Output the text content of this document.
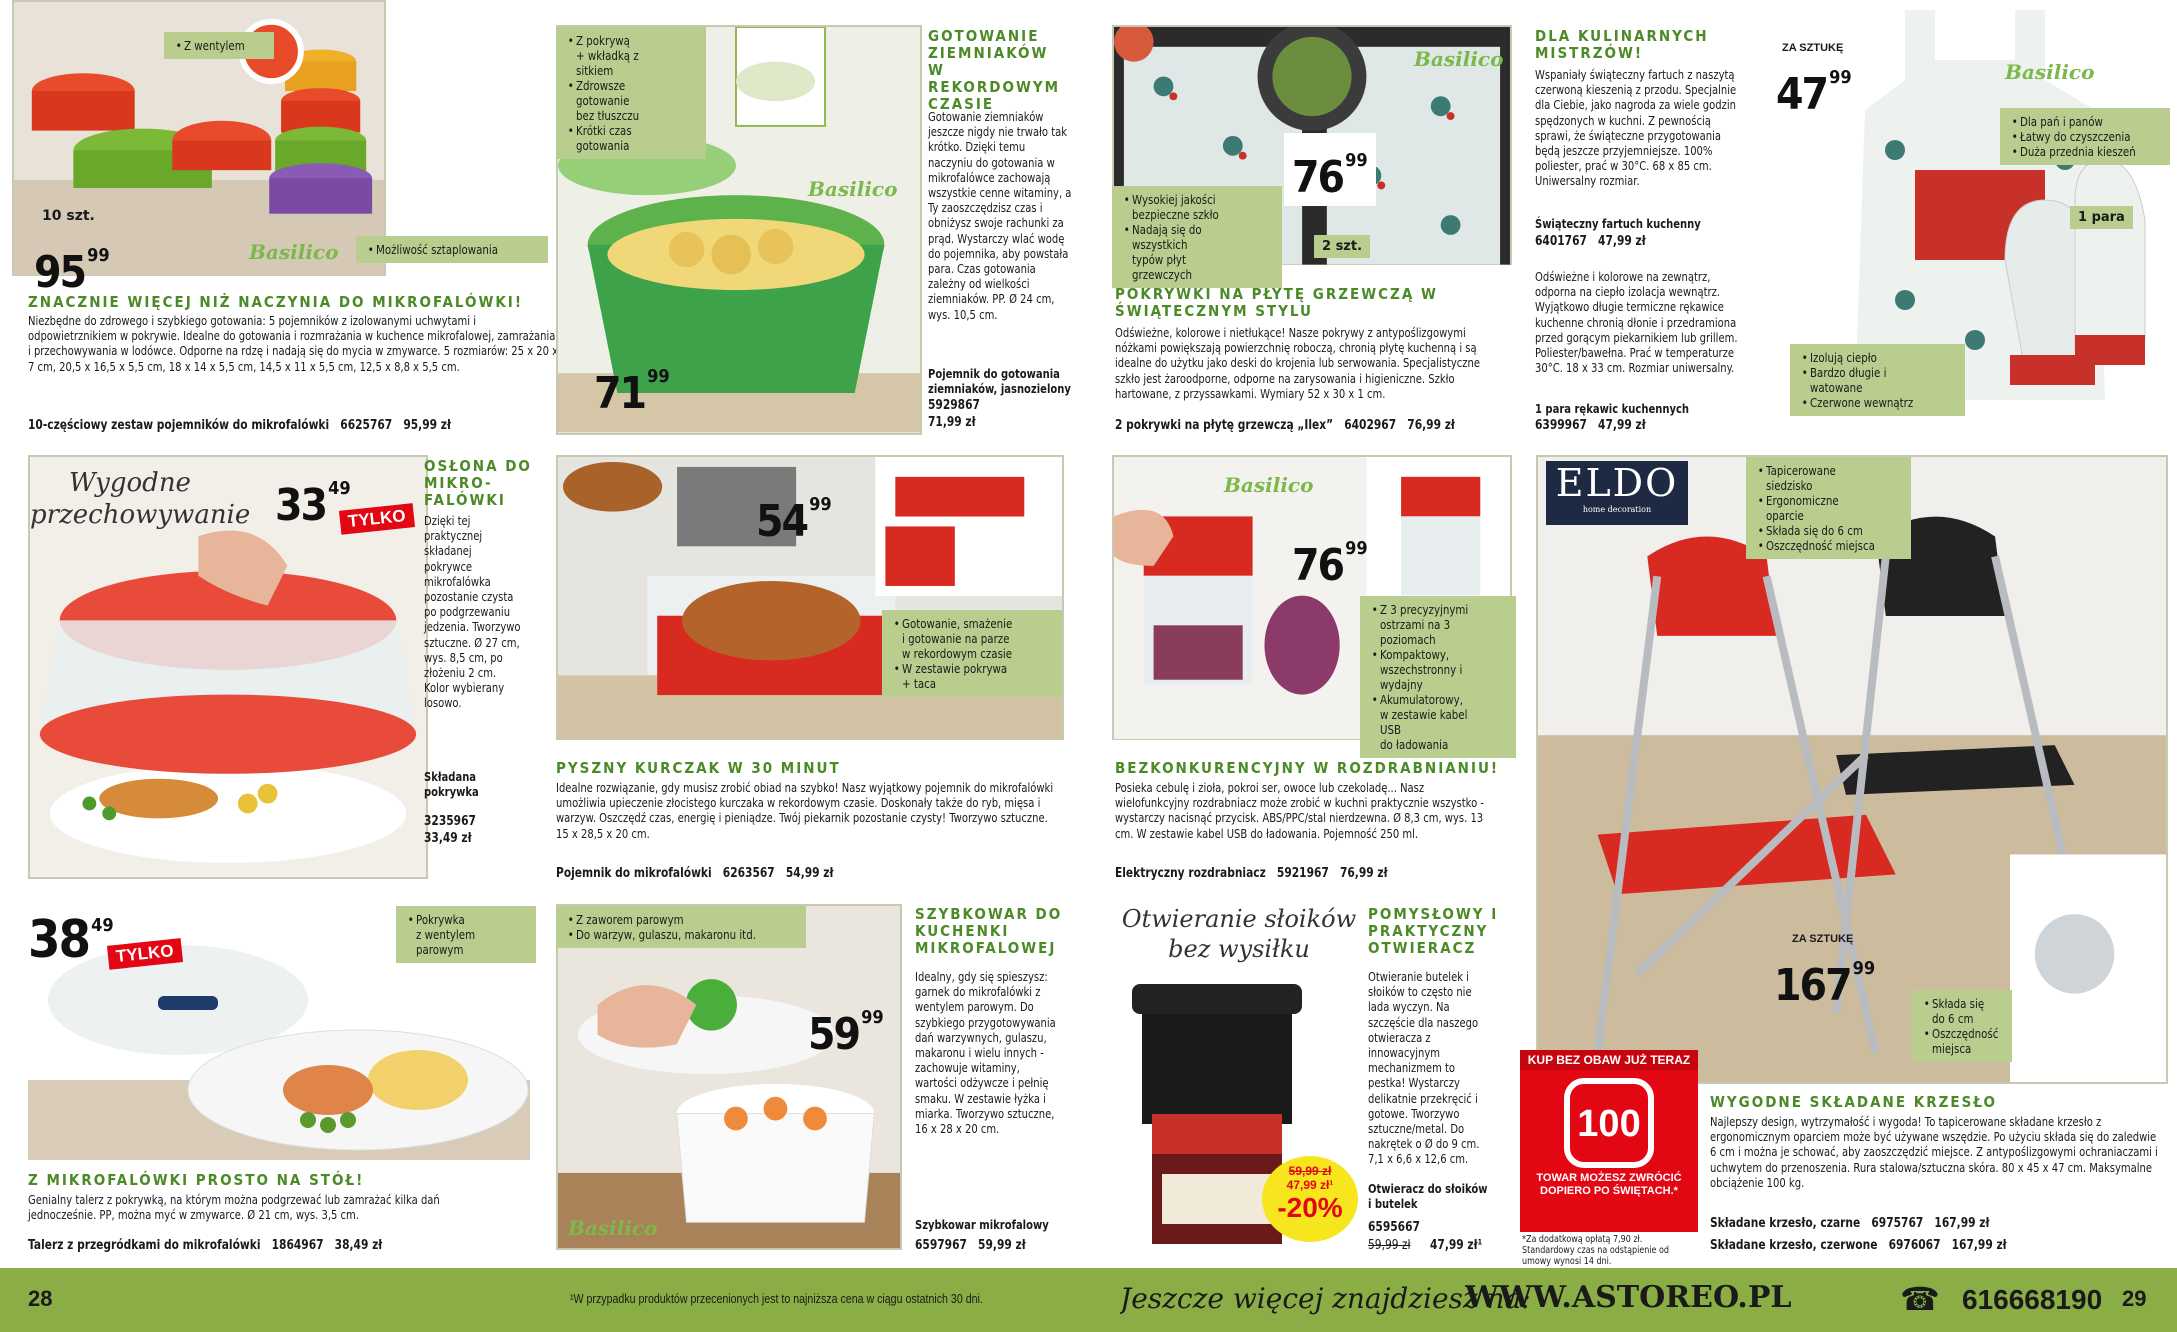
• Z wentylem
10 szt.
95 $^{99}$	Basilico
•	Możliwość sztaplowania
ZNACZNIE WIĘCEJ NIŻ NACZYNIA DO MIKROFALÓWKI!
Niezbędne do zdrowego i szybkiego gotowania: 5 pojemników z izolowanymi uchwytami i odpowietrznikiem w pokrywie. Idealne do gotowania i rozmrażania w kuchence mikrofalowej, zamrażania i przechowywania w lodówce. Odporne na rdzę i nadają się do mycia w zmywarce. 5 rozmiarów: 25 x 20 x 7 cm, 20,5 x 16,5 x 5,5 cm, 18 x 14 x 5,5 cm, 14,5 x 11 x 5,5 cm, 12,5 x 8,8 x 5,5 cm.
10-częściowy zestaw pojemników do mikrofalówki   6625767   95,99 zł
71 $^{99}$
Basilico
• Z pokrywą
+ wkładką z sitkiem
• Zdrowsze gotowanie
bez tłuszczu
• Krótki czas gotowania
GOTOWANIE ZIEMNIAKÓW W REKORDOWYM CZASIE
Gotowanie ziemniaków jeszcze nigdy nie trwało tak krótko. Dzięki temu naczyniu do gotowania w mikrofalówce zachowają wszystkie cenne witaminy, a Ty zaoszczędzisz czas i obniżysz swoje rachunki za prąd. Wystarczy wlać wodę do pojemnika, aby powstała para. Czas gotowania zależny od wielkości ziemniaków. PP. Ø 24 cm, wys. 10,5 cm.
Pojemnik do gotowania ziemniaków, jasnozielony
5929867
71,99 zł
Basilico
76 $^{99}$
2 szt.
• Wysokiej jakości
bezpieczne szkło
• Nadają się do wszystkich
typów płyt grzewczych
POKRYWKI NA PŁYTĘ GRZEWCZĄ W ŚWIĄTECZNYM STYLU
Odświeżne, kolorowe i nietłukące! Nasze pokrywy z antypoślizgowymi nóżkami powiększają powierzchnię roboczą, chronią płytę kuchenną i są idealne do użytku jako deski do krojenia lub serwowania. Specjalistyczne szkło jest żaroodporne, odporne na zarysowania i higieniczne. Szkło hartowane, z przyssawkami. Wymiary 52 x 30 x 1 cm.
2 pokrywki na płytę grzewczą „Ilex”   6402967   76,99 zł
DLA KULINARNYCH MISTRZÓW!
Wspaniały świąteczny fartuch z naszytą czerwoną kieszenią z przodu. Specjalnie dla Ciebie, jako nagroda za wiele godzin spędzonych w kuchni. Z pewnością sprawi, że świąteczne przygotowania będą jeszcze przyjemniejsze. 100% poliester, prać w 30°C. 68 x 85 cm. Uniwersalny rozmiar.
Świąteczny fartuch kuchenny
6401767   47,99 zł
Odświeżne i kolorowe na zewnątrz, odporna na ciepło izolacja wewnątrz. Wyjątkowo długie termiczne rękawice kuchenne chronią dłonie i przedramiona przed gorącym piekarnikiem lub grillem. Poliester/bawełna. Prać w temperaturze 30°C. 18 x 33 cm. Rozmiar uniwersalny.
1 para rękawic kuchennych
6399967   47,99 zł
ZA SZTUKĘ
47 $^{99}$	Basilico
• Dla pań i panów
• Łatwy do czyszczenia
• Duża przednia kieszeń
1 para
• Izolują ciepło
• Bardzo długie i watowane
• Czerwone wewnątrz
Wygodne
przechowywanie 33 $^{49}$
TYLKO
OSŁONA DO MIKRO- FALÓWKI
Dzięki tej praktycznej składanej pokrywce mikrofalówka pozostanie czysta po podgrzewaniu jedzenia. Tworzywo sztuczne. Ø 27 cm, wys. 8,5 cm, po złożeniu 2 cm. Kolor wybierany losowo.
Składana pokrywka
3235967
33,49 zł
54 $^{99}$
• Gotowanie, smażenie
i gotowanie na parze
w rekordowym czasie
• W zestawie pokrywa
+ taca
PYSZNY KURCZAK W 30 MINUT
Idealne rozwiązanie, gdy musisz zrobić obiad na szybko! Nasz wyjątkowy pojemnik do mikrofalówki umożliwia upieczenie złocistego kurczaka w rekordowym czasie. Doskonały także do ryb, mięsa i warzyw. Oszczędź czas, energię i pieniądze. Twój piekarnik pozostanie czysty! Tworzywo sztuczne. 15 x 28,5 x 20 cm.
Pojemnik do mikrofalówki   6263567   54,99 zł
Basilico
76 $^{99}$
• Z 3 precyzyjnymi
ostrzami na 3 poziomach
• Kompaktowy,
wszechstronny i wydajny
• Akumulatorowy,
w zestawie kabel USB
do ładowania
BEZKONKURENCYJNY W ROZDRABNIANIU!
Posieka cebulę i zioła, pokroi ser, owoce lub czekoladę... Nasz wielofunkcyjny rozdrabniacz może zrobić w kuchni praktycznie wszystko - wystarczy nacisnąć przycisk. ABS/PPC/stal nierdzewna. Ø 8,3 cm, wys. 13 cm. W zestawie kabel USB do ładowania. Pojemność 250 ml.
Elektryczny rozdrabniacz   5921967   76,99 zł
ELDO
home decoration
ZA SZTUKĘ
167 $^{99}$
• Tapicerowane siedzisko
• Ergonomiczne oparcie
• Składa się do 6 cm
• Oszczędność miejsca
• Składa się
do 6 cm
• Oszczędność
miejsca
KUP BEZ OBAW JUŻ TERAZ
100
TOWAR MOŻESZ ZWRÓCIĆ DOPIERO PO ŚWIĘTACH.*
*Za dodatkową opłatą 7,90 zł. Standardowy czas na odstąpienie od umowy wynosi 14 dni.
WYGODNE SKŁADANE KRZESŁO
Najlepszy design, wytrzymałość i wygoda! To tapicerowane składane krzesło z ergonomicznym oparciem może być używane wszędzie. Po użyciu składa się do zaledwie 6 cm i można je schować, aby zaoszczędzić miejsce. Z antypoślizgowymi ochraniaczami i uchwytem do przenoszenia. Rura stalowa/sztuczna skóra. 80 x 45 x 47 cm. Maksymalne obciążenie 100 kg.
Składane krzesło, czarne   6975767   167,99 zł
Składane krzesło, czerwone   6976067   167,99 zł
38 $^{49}$
TYLKO
• Pokrywka
z wentylem parowym
Z MIKROFALÓWKI PROSTO NA STÓŁ!
Genialny talerz z pokrywką, na którym można podgrzewać lub zamrażać kilka dań jednocześnie. PP, można myć w zmywarce. Ø 21 cm, wys. 3,5 cm.
Talerz z przegródkami do mikrofalówki   1864967   38,49 zł
59 $^{99}$
Basilico
• Z zaworem parowym
• Do warzyw, gulaszu, makaronu itd.
SZYBKOWAR DO KUCHENKI MIKROFALOWEJ
Idealny, gdy się spieszysz: garnek do mikrofalówki z wentylem parowym. Do szybkiego przygotowywania dań warzywnych, gulaszu, makaronu i wielu innych - zachowuje witaminy, wartości odżywcze i pełnię smaku. W zestawie łyżka i miarka. Tworzywo sztuczne, 16 x 28 x 20 cm.
Szybkowar mikrofalowy
6597967   59,99 zł
Otwieranie słoików
bez wysiłku
59,99 zł
47,99 zł¹
-20%
POMYSŁOWY I PRAKTYCZNY OTWIERACZ
Otwieranie butelek i słoików to często nie lada wyczyn. Na szczęście dla naszego otwieracza z innowacyjnym mechanizmem to pestka! Wystarczy delikatnie przekręcić i gotowe. Tworzywo sztuczne/metal. Do nakrętek o Ø do 9 cm. 7,1 x 6,6 x 12,6 cm.
Otwieracz do słoików i butelek
6595667
59,99 zł 47,99 zł¹
28	¹W przypadku produktów przecenionych jest to najniższa cena w ciągu ostatnich 30 dni.	Jeszcze więcej znajdziesz na:
WWW.ASTOREO.PL	☎ 616668190 29
